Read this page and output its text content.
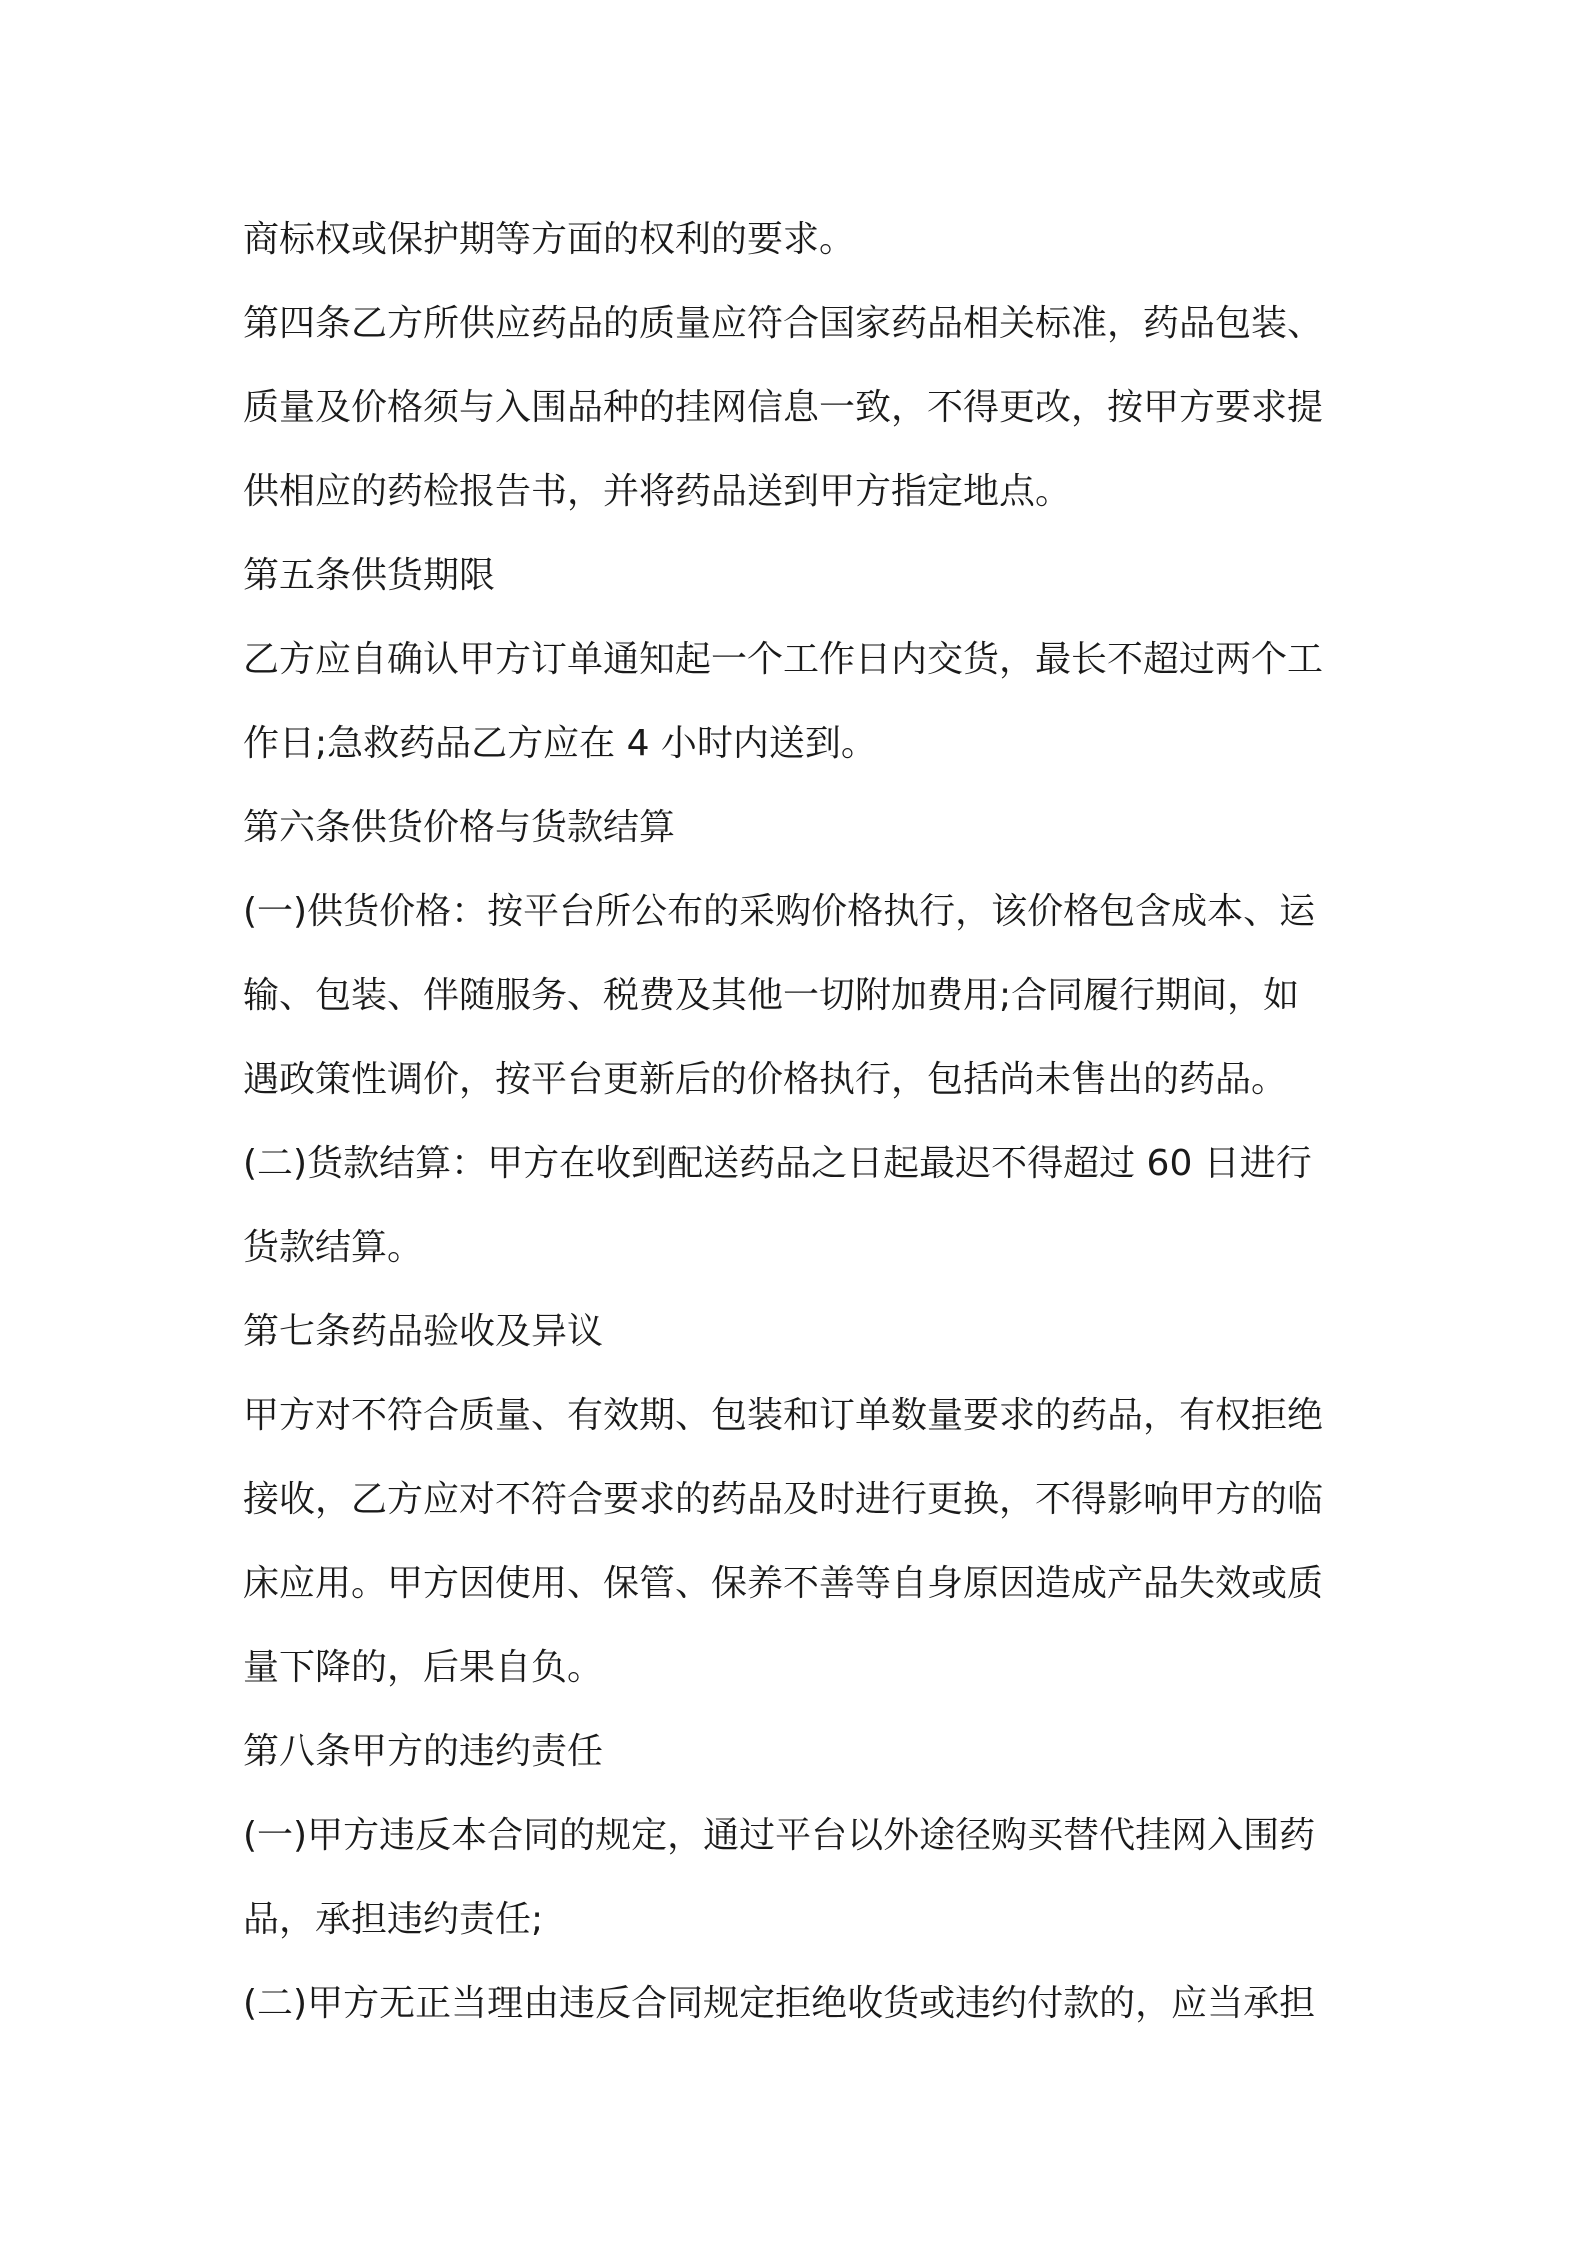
商标权或保护期等方面的权利的要求。
第四条乙方所供应药品的质量应符合国家药品相关标准，药品包装、
质量及价格须与入围品种的挂网信息一致，不得更改，按甲方要求提
供相应的药检报告书，并将药品送到甲方指定地点。
第五条供货期限
乙方应自确认甲方订单通知起一个工作日内交货，最长不超过两个工
作日;急救药品乙方应在 4 小时内送到。
第六条供货价格与货款结算
(一)供货价格：按平台所公布的采购价格执行，该价格包含成本、运
输、包装、伴随服务、税费及其他一切附加费用;合同履行期间，如
遇政策性调价，按平台更新后的价格执行，包括尚未售出的药品。
(二)货款结算：甲方在收到配送药品之日起最迟不得超过 60 日进行
货款结算。
第七条药品验收及异议
甲方对不符合质量、有效期、包装和订单数量要求的药品，有权拒绝
接收，乙方应对不符合要求的药品及时进行更换，不得影响甲方的临
床应用。甲方因使用、保管、保养不善等自身原因造成产品失效或质
量下降的，后果自负。
第八条甲方的违约责任
(一)甲方违反本合同的规定，通过平台以外途径购买替代挂网入围药
品，承担违约责任;
(二)甲方无正当理由违反合同规定拒绝收货或违约付款的，应当承担
